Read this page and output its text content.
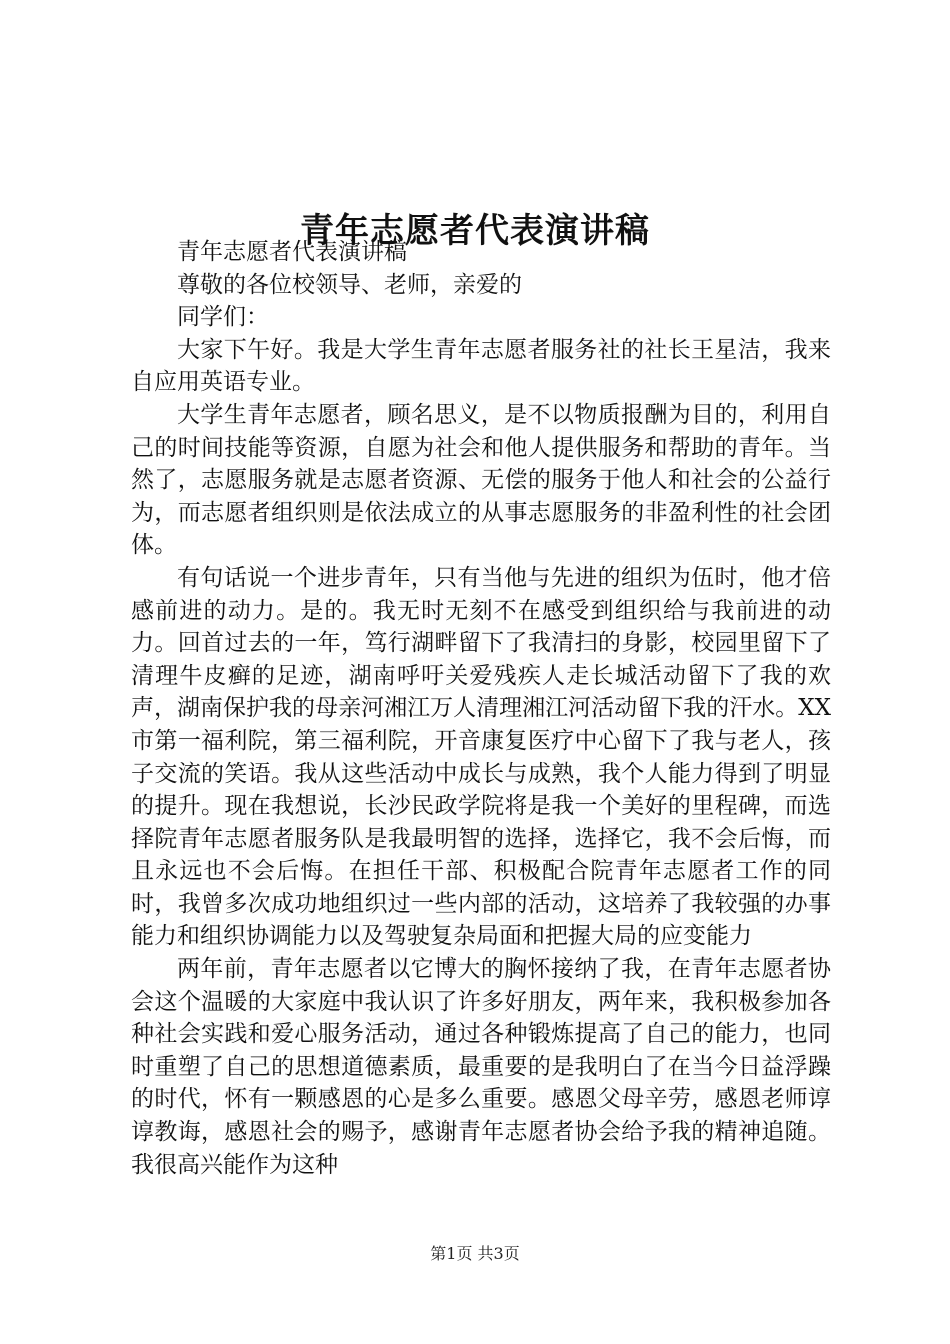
青年志愿者代表演讲稿

青年志愿者代表演讲稿

尊敬的各位校领导、老师，亲爱的

同学们：

大家下午好。我是大学生青年志愿者服务社的社长王星洁，我来自应用英语专业。

大学生青年志愿者，顾名思义，是不以物质报酬为目的，利用自己的时间技能等资源，自愿为社会和他人提供服务和帮助的青年。当然了，志愿服务就是志愿者资源、无偿的服务于他人和社会的公益行为，而志愿者组织则是依法成立的从事志愿服务的非盈利性的社会团体。

有句话说一个进步青年，只有当他与先进的组织为伍时，他才倍感前进的动力。是的。我无时无刻不在感受到组织给与我前进的动力。回首过去的一年，笃行湖畔留下了我清扫的身影，校园里留下了清理牛皮癣的足迹，湖南呼吁关爱残疾人走长城活动留下了我的欢声，湖南保护我的母亲河湘江万人清理湘江河活动留下我的汗水。XX市第一福利院，第三福利院，开音康复医疗中心留下了我与老人，孩子交流的笑语。我从这些活动中成长与成熟，我个人能力得到了明显的提升。现在我想说，长沙民政学院将是我一个美好的里程碑，而选择院青年志愿者服务队是我最明智的选择，选择它，我不会后悔，而且永远也不会后悔。在担任干部、积极配合院青年志愿者工作的同时，我曾多次成功地组织过一些内部的活动，这培养了我较强的办事能力和组织协调能力以及驾驶复杂局面和把握大局的应变能力

两年前，青年志愿者以它博大的胸怀接纳了我，在青年志愿者协会这个温暖的大家庭中我认识了许多好朋友，两年来，我积极参加各种社会实践和爱心服务活动，通过各种锻炼提高了自己的能力，也同时重塑了自己的思想道德素质，最重要的是我明白了在当今日益浮躁的时代，怀有一颗感恩的心是多么重要。感恩父母辛劳，感恩老师谆谆教诲，感恩社会的赐予，感谢青年志愿者协会给予我的精神追随。我很高兴能作为这种

第1页 共3页
